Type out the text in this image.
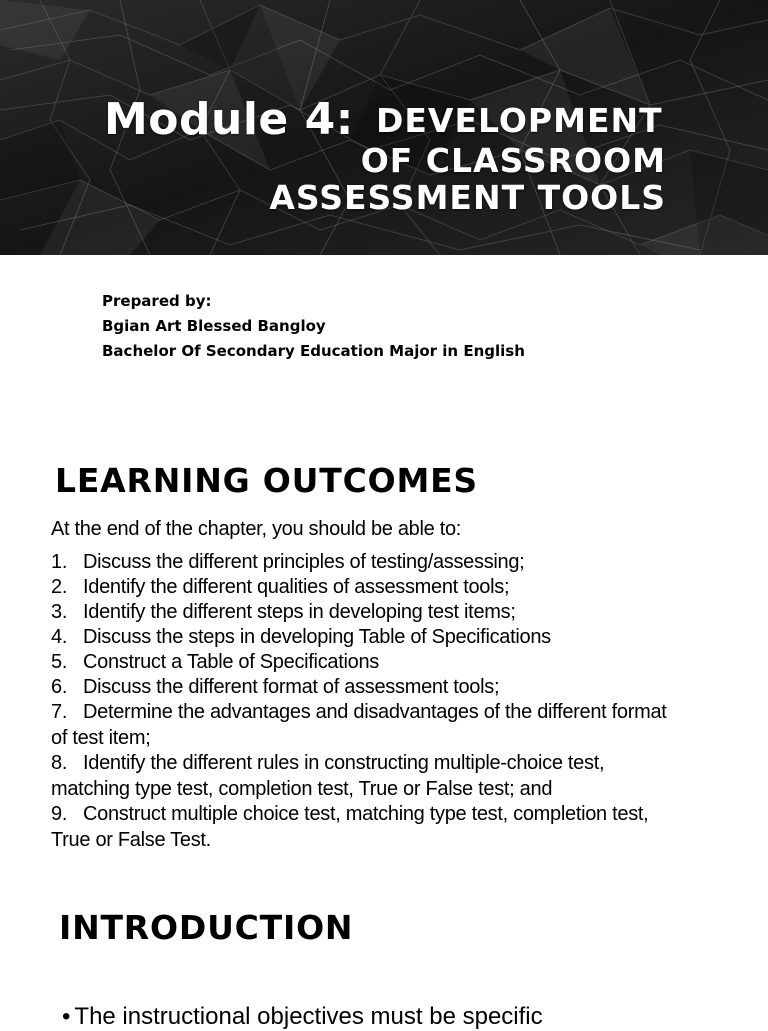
Module 4: DEVELOPMENT
OF CLASSROOM
ASSESSMENT TOOLS
Prepared by:
Bgian Art Blessed Bangloy
Bachelor Of Secondary Education Major in English
LEARNING OUTCOMES
At the end of the chapter, you should be able to:
1. Discuss the different principles of testing/assessing;
2. Identify the different qualities of assessment tools;
3. Identify the different steps in developing test items;
4. Discuss the steps in developing Table of Specifications
5. Construct a Table of Specifications
6. Discuss the different format of assessment tools;
7. Determine the advantages and disadvantages of the different format of test item;
8. Identify the different rules in constructing multiple-choice test, matching type test, completion test, True or False test; and
9. Construct multiple choice test, matching type test, completion test, True or False Test.
INTRODUCTION
• The instructional objectives must be specific
